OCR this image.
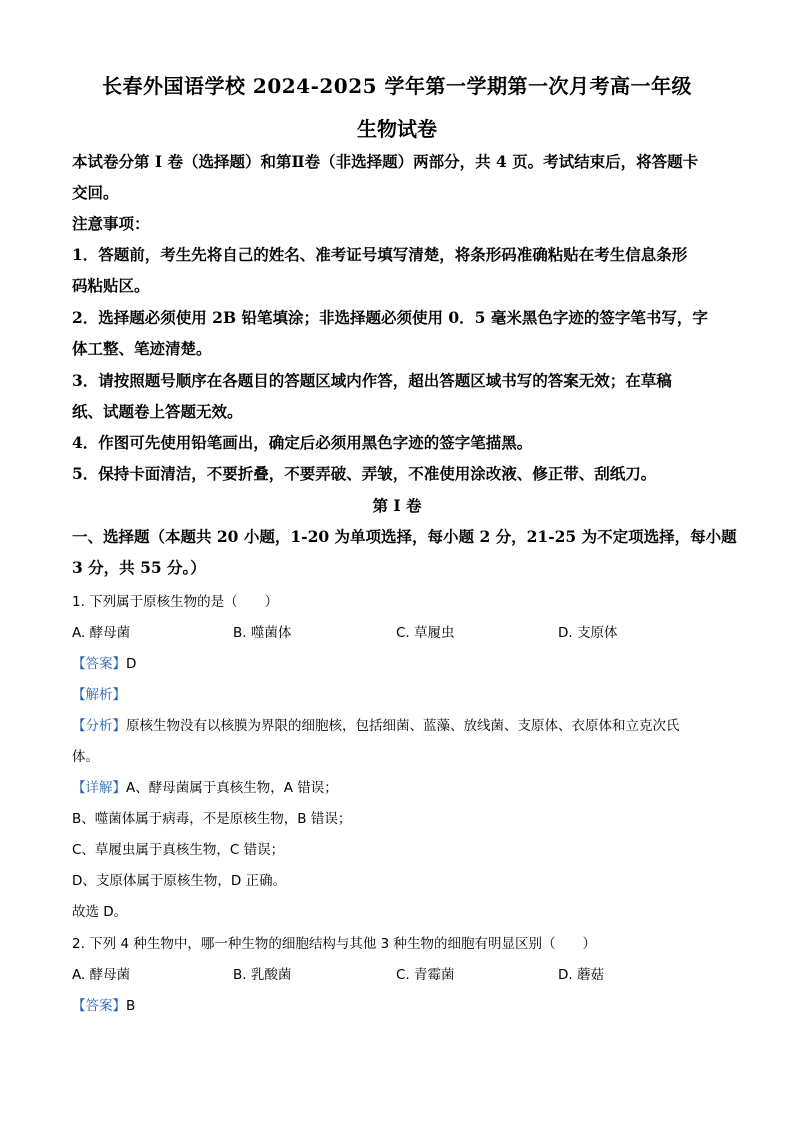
长春外国语学校 2024-2025 学年第一学期第一次月考高一年级
生物试卷

本试卷分第 I 卷（选择题）和第Ⅱ卷（非选择题）两部分，共 4 页。考试结束后，将答题卡

交回。

注意事项：

1．答题前，考生先将自己的姓名、准考证号填写清楚，将条形码准确粘贴在考生信息条形

码粘贴区。

2．选择题必须使用 2B 铅笔填涂；非选择题必须使用 0．5 毫米黑色字迹的签字笔书写，字

体工整、笔迹清楚。

3．请按照题号顺序在各题目的答题区域内作答，超出答题区域书写的答案无效；在草稿

纸、试题卷上答题无效。

4．作图可先使用铅笔画出，确定后必须用黑色字迹的签字笔描黑。

5．保持卡面清洁，不要折叠，不要弄破、弄皱，不准使用涂改液、修正带、刮纸刀。

第 I 卷

一、选择题（本题共 20 小题，1-20 为单项选择，每小题 2 分，21-25 为不定项选择，每小题

3 分，共 55 分。）

1. 下列属于原核生物的是（　　）

A. 酵母菌	B. 噬菌体	C. 草履虫	D. 支原体

【答案】D

【解析】

【分析】原核生物没有以核膜为界限的细胞核，包括细菌、蓝藻、放线菌、支原体、衣原体和立克次氏

体。

【详解】A、酵母菌属于真核生物，A 错误；

B、噬菌体属于病毒，不是原核生物，B 错误；

C、草履虫属于真核生物，C 错误；

D、支原体属于原核生物，D 正确。

故选 D。

2. 下列 4 种生物中，哪一种生物的细胞结构与其他 3 种生物的细胞有明显区别（　　）

A. 酵母菌	B. 乳酸菌	C. 青霉菌	D. 蘑菇

【答案】B
